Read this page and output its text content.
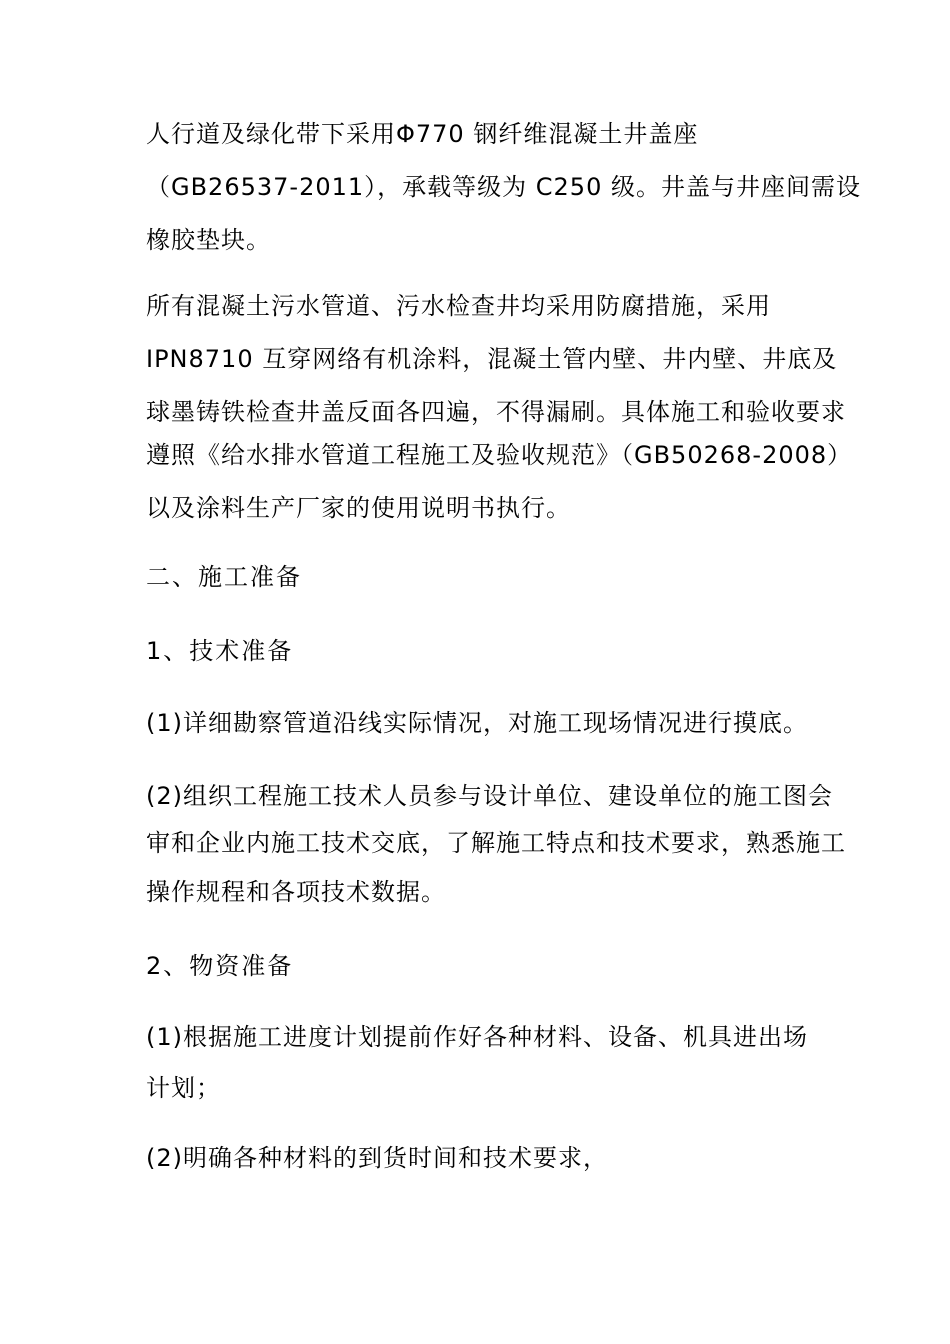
人行道及绿化带下采用Φ770 钢纤维混凝土井盖座
（GB26537-2011），承载等级为 C250 级。井盖与井座间需设
橡胶垫块。
所有混凝土污水管道、污水检查井均采用防腐措施，采用
IPN8710 互穿网络有机涂料，混凝土管内壁、井内壁、井底及
球墨铸铁检查井盖反面各四遍，不得漏刷。具体施工和验收要求
遵照《给水排水管道工程施工及验收规范》（GB50268-2008）
以及涂料生产厂家的使用说明书执行。
二、施工准备
1、技术准备
(1)详细勘察管道沿线实际情况，对施工现场情况进行摸底。
(2)组织工程施工技术人员参与设计单位、建设单位的施工图会
审和企业内施工技术交底，了解施工特点和技术要求，熟悉施工
操作规程和各项技术数据。
2、物资准备
(1)根据施工进度计划提前作好各种材料、设备、机具进出场
计划；
(2)明确各种材料的到货时间和技术要求，
